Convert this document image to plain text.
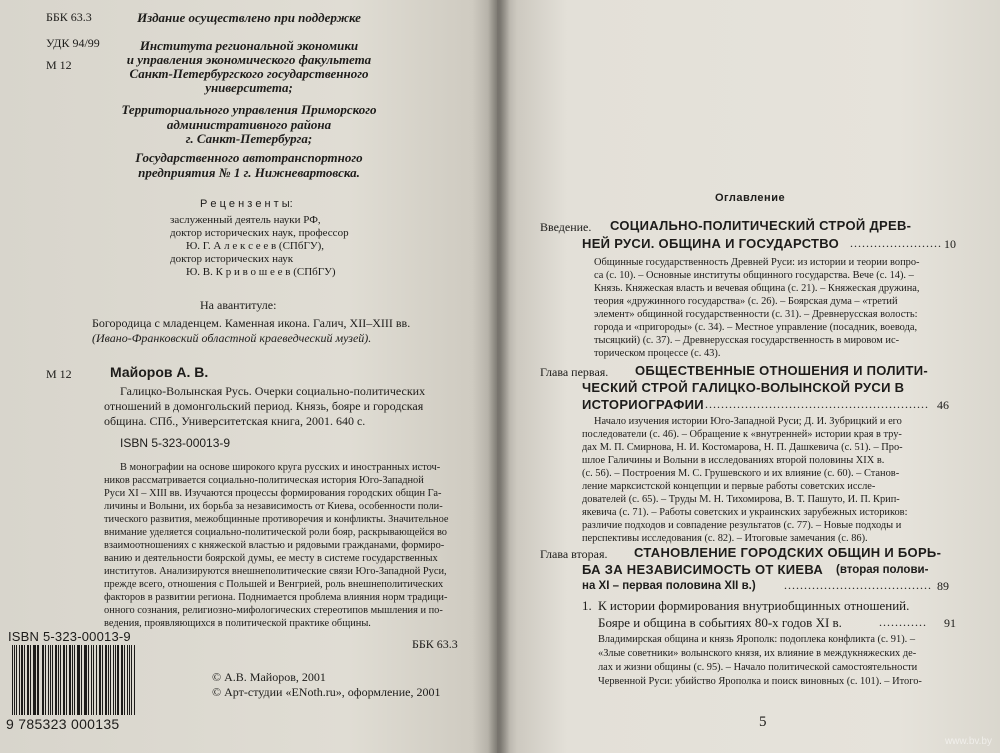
ББК 63.3
УДК 94/99
М 12
Издание осуществлено при поддержке
Института региональной экономики
и управления экономического факультета
Санкт-Петербургского государственного
университета;
Территориального управления Приморского
административного района
г. Санкт-Петербурга;
Государственного автотранспортного
предприятия № 1 г. Нижневартовска.
Р е ц е н з е н т ы:
заслуженный деятель науки РФ,
доктор исторических наук, профессор
Ю. Г. А л е к с е е в (СПбГУ),
доктор исторических наук
Ю. В. К р и в о ш е е в (СПбГУ)
На авантитуле:
Богородица с младенцем. Каменная икона. Галич, XII–XIII вв.
(Ивано-Франковский областной краеведческий музей).
М 12	Майоров А. В.
Галицко-Волынская Русь. Очерки социально-политических
отношений в домонгольский период. Князь, бояре и городская
община. СПб., Университетская книга, 2001. 640 с.
ISBN 5-323-00013-9
В монографии на основе широкого круга русских и иностранных источ-
ников рассматривается социально-политическая история Юго-Западной
Руси XI – XIII вв. Изучаются процессы формирования городских общин Га-
личины и Волыни, их борьба за независимость от Киева, особенности поли-
тического развития, межобщинные противоречия и конфликты. Значительное
внимание уделяется социально-политической роли бояр, раскрывающейся во
взаимоотношениях с княжеской властью и рядовыми гражданами, формиро-
ванию и деятельности боярской думы, ее месту в системе государственных
институтов. Анализируются внешнеполитические связи Юго-Западной Руси,
прежде всего, отношения с Польшей и Венгрией, роль внешнеполитических
факторов в развитии региона. Поднимается проблема влияния норм традици-
онного сознания, религиозно-мифологических стереотипов мышления и по-
ведения, проявляющихся в политической практике общины.
ISBN 5-323-00013-9
9 785323 000135
ББК 63.3
© А.В. Майоров, 2001
© Арт-студии «ENoth.ru», оформление, 2001
Оглавление
Введение. СОЦИАЛЬНО-ПОЛИТИЧЕСКИЙ СТРОЙ ДРЕВ-
НЕЙ РУСИ. ОБЩИНА И ГОСУДАРСТВО ....................... 10
Общинные государственность Древней Руси: из истории и теории вопро-
са (с. 10). – Основные институты общинного государства. Вече (с. 14). –
Князь. Княжеская власть и вечевая община (с. 21). – Княжеская дружина,
теория «дружинного государства» (с. 26). – Боярская дума – «третий
элемент» общинной государственности (с. 31). – Древнерусская волость:
города и «пригороды» (с. 34). – Местное управление (посадник, воевода,
тысяцкий) (с. 37). – Древнерусская государственность в мировом ис-
торическом процессе (с. 43).
Глава первая. ОБЩЕСТВЕННЫЕ ОТНОШЕНИЯ И ПОЛИТИ-
ЧЕСКИЙ СТРОЙ ГАЛИЦКО-ВОЛЫНСКОЙ РУСИ В
ИСТОРИОГРАФИИ ........................................................ 46
Начало изучения истории Юго-Западной Руси; Д. И. Зубрицкий и его
последователи (с. 46). – Обращение к «внутренней» истории края в тру-
дах М. П. Смирнова, Н. И. Костомарова, Н. П. Дашкевича (с. 51). – Про-
шлое Галичины и Волыни в исследованиях второй половины XIX в.
(с. 56). – Построения М. С. Грушевского и их влияние (с. 60). – Станов-
ление марксистской концепции и первые работы советских иссле-
дователей (с. 65). – Труды М. Н. Тихомирова, В. Т. Пашуто, И. П. Крип-
якевича (с. 71). – Работы советских и украинских зарубежных историков:
различие подходов и совпадение результатов (с. 77). – Новые подходы и
перспективы исследования (с. 82). – Итоговые замечания (с. 86).
Глава вторая. СТАНОВЛЕНИЕ ГОРОДСКИХ ОБЩИН И БОРЬ-
БА ЗА НЕЗАВИСИМОСТЬ ОТ КИЕВА (вторая полови-
на XI – первая половина XII в.) ..................................... 89
1. К истории формирования внутриобщинных отношений.
Бояре и община в событиях 80-х годов XI в.	............ 91
Владимирская община и князь Ярополк: подоплека конфликта (с. 91). –
«Злые советники» волынского князя, их влияние в междукняжеских де-
лах и жизни общины (с. 95). – Начало политической самостоятельности
Червенной Руси: убийство Ярополка и поиск виновных (с. 101). – Итого-
5
www.bv.by
